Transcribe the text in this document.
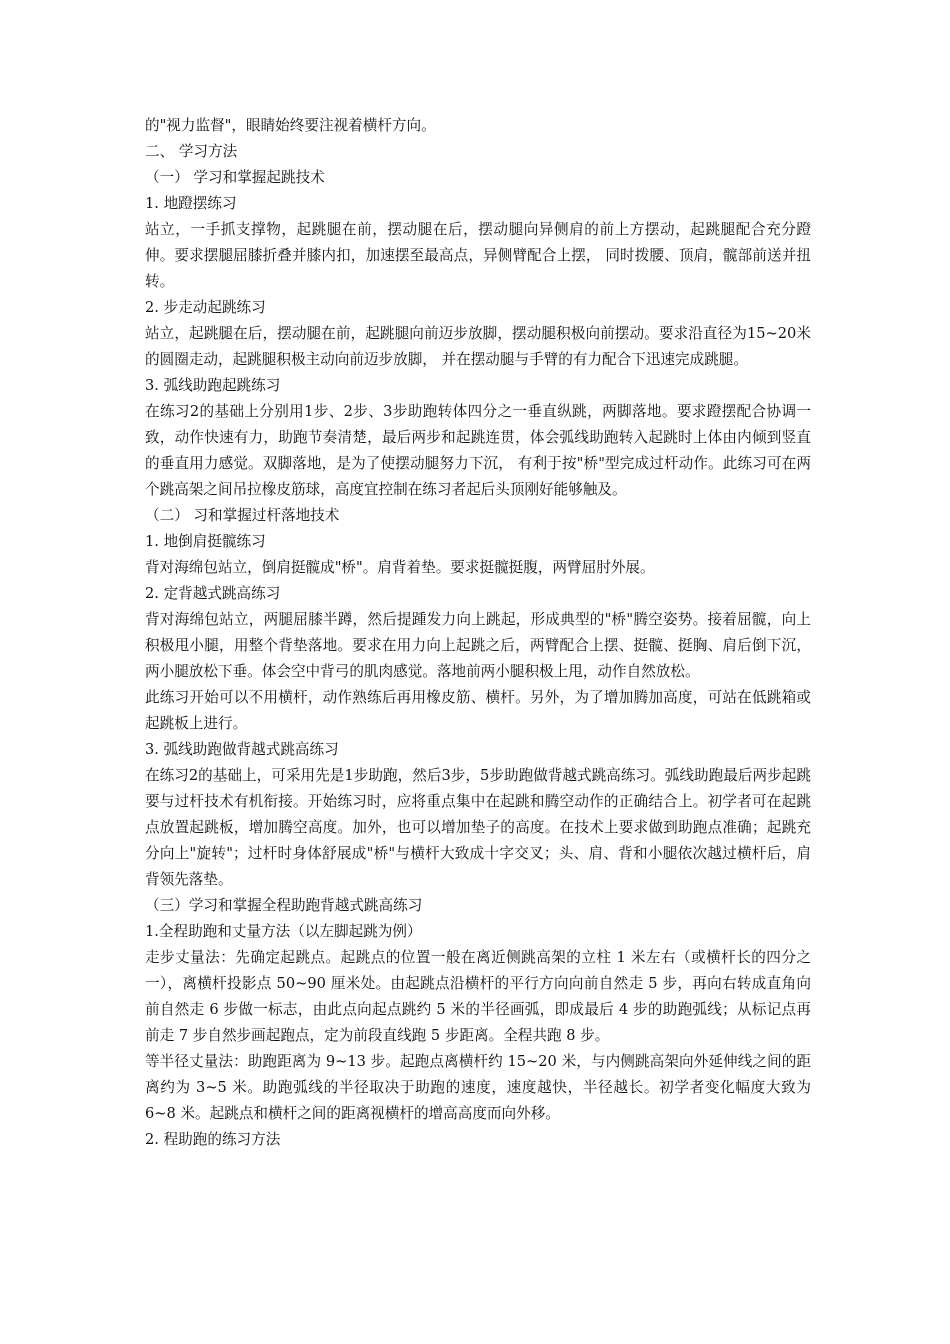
的"视力监督"，眼睛始终要注视着横杆方向。

二、 学习方法

（一） 学习和掌握起跳技术

1. 地蹬摆练习

站立，一手抓支撑物，起跳腿在前，摆动腿在后，摆动腿向异侧肩的前上方摆动，起跳腿配合充分蹬伸。要求摆腿屈膝折叠并膝内扣，加速摆至最高点，异侧臂配合上摆， 同时拨腰、顶肩，髋部前送并扭转。

2. 步走动起跳练习

站立，起跳腿在后，摆动腿在前，起跳腿向前迈步放脚，摆动腿积极向前摆动。要求沿直径为15~20米的圆圈走动，起跳腿积极主动向前迈步放脚， 并在摆动腿与手臂的有力配合下迅速完成跳腿。

3. 弧线助跑起跳练习

在练习2的基础上分别用1步、2步、3步助跑转体四分之一垂直纵跳，两脚落地。要求蹬摆配合协调一致，动作快速有力，助跑节奏清楚，最后两步和起跳连贯，体会弧线助跑转入起跳时上体由内倾到竖直的垂直用力感觉。双脚落地，是为了使摆动腿努力下沉， 有利于按"桥"型完成过杆动作。此练习可在两个跳高架之间吊拉橡皮筋球，高度宜控制在练习者起后头顶刚好能够触及。

（二） 习和掌握过杆落地技术

1. 地倒肩挺髋练习

背对海绵包站立，倒肩挺髋成"桥"。肩背着垫。要求挺髋挺腹，两臂屈肘外展。

2. 定背越式跳高练习

背对海绵包站立，两腿屈膝半蹲，然后提踵发力向上跳起，形成典型的"桥"腾空姿势。接着屈髋，向上积极甩小腿，用整个背垫落地。要求在用力向上起跳之后，两臂配合上摆、挺髋、挺胸、肩后倒下沉，两小腿放松下垂。体会空中背弓的肌肉感觉。落地前两小腿积极上甩，动作自然放松。

此练习开始可以不用横杆，动作熟练后再用橡皮筋、横杆。另外，为了增加腾加高度，可站在低跳箱或起跳板上进行。

3. 弧线助跑做背越式跳高练习

在练习2的基础上，可采用先是1步助跑，然后3步，5步助跑做背越式跳高练习。弧线助跑最后两步起跳要与过杆技术有机衔接。开始练习时，应将重点集中在起跳和腾空动作的正确结合上。初学者可在起跳点放置起跳板，增加腾空高度。加外，也可以增加垫子的高度。在技术上要求做到助跑点准确；起跳充分向上"旋转"；过杆时身体舒展成"桥"与横杆大致成十字交叉；头、肩、背和小腿依次越过横杆后，肩背领先落垫。

（三）学习和掌握全程助跑背越式跳高练习

1.全程助跑和丈量方法（以左脚起跳为例）

走步丈量法：先确定起跳点。起跳点的位置一般在离近侧跳高架的立柱 1 米左右（或横杆长的四分之一），离横杆投影点 50~90 厘米处。由起跳点沿横杆的平行方向向前自然走 5 步，再向右转成直角向前自然走 6 步做一标志，由此点向起点跳约 5 米的半径画弧，即成最后 4 步的助跑弧线；从标记点再前走 7 步自然步画起跑点，定为前段直线跑 5 步距离。全程共跑 8 步。

等半径丈量法：助跑距离为 9~13 步。起跑点离横杆约 15~20 米，与内侧跳高架向外延伸线之间的距离约为 3~5 米。助跑弧线的半径取决于助跑的速度，速度越快，半径越长。初学者变化幅度大致为 6~8 米。起跳点和横杆之间的距离视横杆的增高高度而向外移。

2. 程助跑的练习方法
